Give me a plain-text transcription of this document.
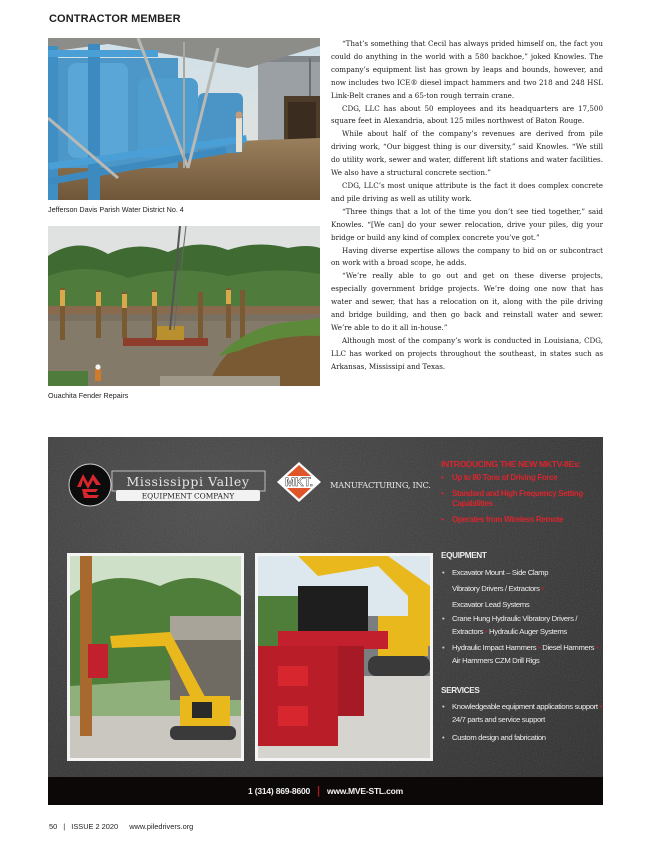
CONTRACTOR MEMBER
Jefferson Davis Parish Water District No. 4
Ouachita Fender Repairs

“That’s something that Cecil has always prided himself on, the fact you could do anything in the world with a 580 backhoe,” joked Knowles. The company’s equipment list has grown by leaps and bounds, however, and now includes two ICE® diesel impact hammers and two 218 and 248 HSL Link-Belt cranes and a 65-ton rough terrain crane.

CDG, LLC has about 50 employees and its headquarters are 17,500 square feet in Alexandria, about 125 miles northwest of Baton Rouge.

While about half of the company’s revenues are derived from pile driving work, “Our biggest thing is our diversity,” said Knowles. “We still do utility work, sewer and water, different lift stations and water facilities. We also have a structural concrete section.”

CDG, LLC’s most unique attribute is the fact it does complex concrete and pile driving as well as utility work.

“Three things that a lot of the time you don’t see tied together,” said Knowles. “[We can] do your sewer relocation, drive your piles, dig your bridge or build any kind of complex concrete you’ve got.”

Having diverse expertise allows the company to bid on or subcontract on work with a broad scope, he adds.

“We’re really able to go out and get on these diverse projects, especially government bridge projects. We’re doing one now that has water and sewer, that has a relocation on it, along with the pile driving and bridge building, and then go back and reinstall water and sewer. We’re able to do it all in-house.”

Although most of the company’s work is conducted in Louisiana, CDG, LLC has worked on projects throughout the southeast, in states such as Arkansas, Mississipi and Texas.

Mississippi Valley
EQUIPMENT COMPANY
MKT. MANUFACTURING, INC.
INTRODUCING THE NEW MKTV-8Es:
• Up to 80 Tons of Driving Force
• Standard and High Frequency Setting Capabilities
• Operates from Wireless Remote
EQUIPMENT
• Excavator Mount – Side Clamp
Vibratory Drivers / Extractors •
Excavator Lead Systems
• Crane Hung Hydraulic Vibratory Drivers / Extractors • Hydraulic Auger Systems
• Hydraulic Impact Hammers • Diesel Hammers • Air Hammers CZM Drill Rigs
SERVICES
• Knowledgeable equipment applications support • 24/7 parts and service support
• Custom design and fabrication
1 (314) 869-8600 | www.MVE-STL.com
50 | ISSUE 2 2020 www.piledrivers.org
